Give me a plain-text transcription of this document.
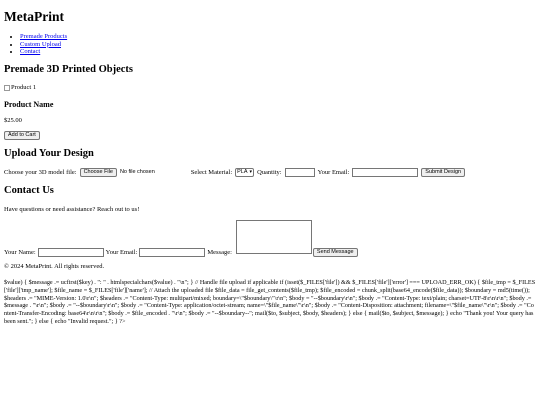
MetaPrint
• Premade Products
• Custom Upload
• Contact
Premade 3D Printed Objects
Product 1
Product Name
$25.00
Add to Cart
Upload Your Design
Choose your 3D model file:	Choose File	No file chosen	Select Material: PLA ▾ Quantity:	Your Email:	Submit Design
Contact Us
Have questions or need assistance? Reach out to us!
Your Name:	Your Email:	Message:	Send Message
© 2024 MetaPrint. All rights reserved.

$value) { $message .= ucfirst($key) . ": " . htmlspecialchars($value) . "\n"; } // Handle file upload if applicable if (isset($_FILES['file']) && $_FILES['file']['error'] === UPLOAD_ERR_OK) { $file_tmp = $_FILES['file']['tmp_name']; $file_name = $_FILES['file']['name']; // Attach the uploaded file $file_data = file_get_contents($file_tmp); $file_encoded = chunk_split(base64_encode($file_data)); $boundary = md5(time()); $headers .= "MIME-Version: 1.0\r\n"; $headers .= "Content-Type: multipart/mixed; boundary=\"$boundary\"\r\n"; $body = "--$boundary\r\n"; $body .= "Content-Type: text/plain; charset=UTF-8\r\n\r\n"; $body .= $message . "\r\n"; $body .= "--$boundary\r\n"; $body .= "Content-Type: application/octet-stream; name=\"$file_name\"\r\n"; $body .= "Content-Disposition: attachment; filename=\"$file_name\"\r\n"; $body .= "Content-Transfer-Encoding: base64\r\n\r\n"; $body .= $file_encoded . "\r\n"; $body .= "--$boundary--"; mail($to, $subject, $body, $headers); } else { mail($to, $subject, $message); } echo "Thank you! Your query has been sent."; } else { echo "Invalid request."; } ?>
